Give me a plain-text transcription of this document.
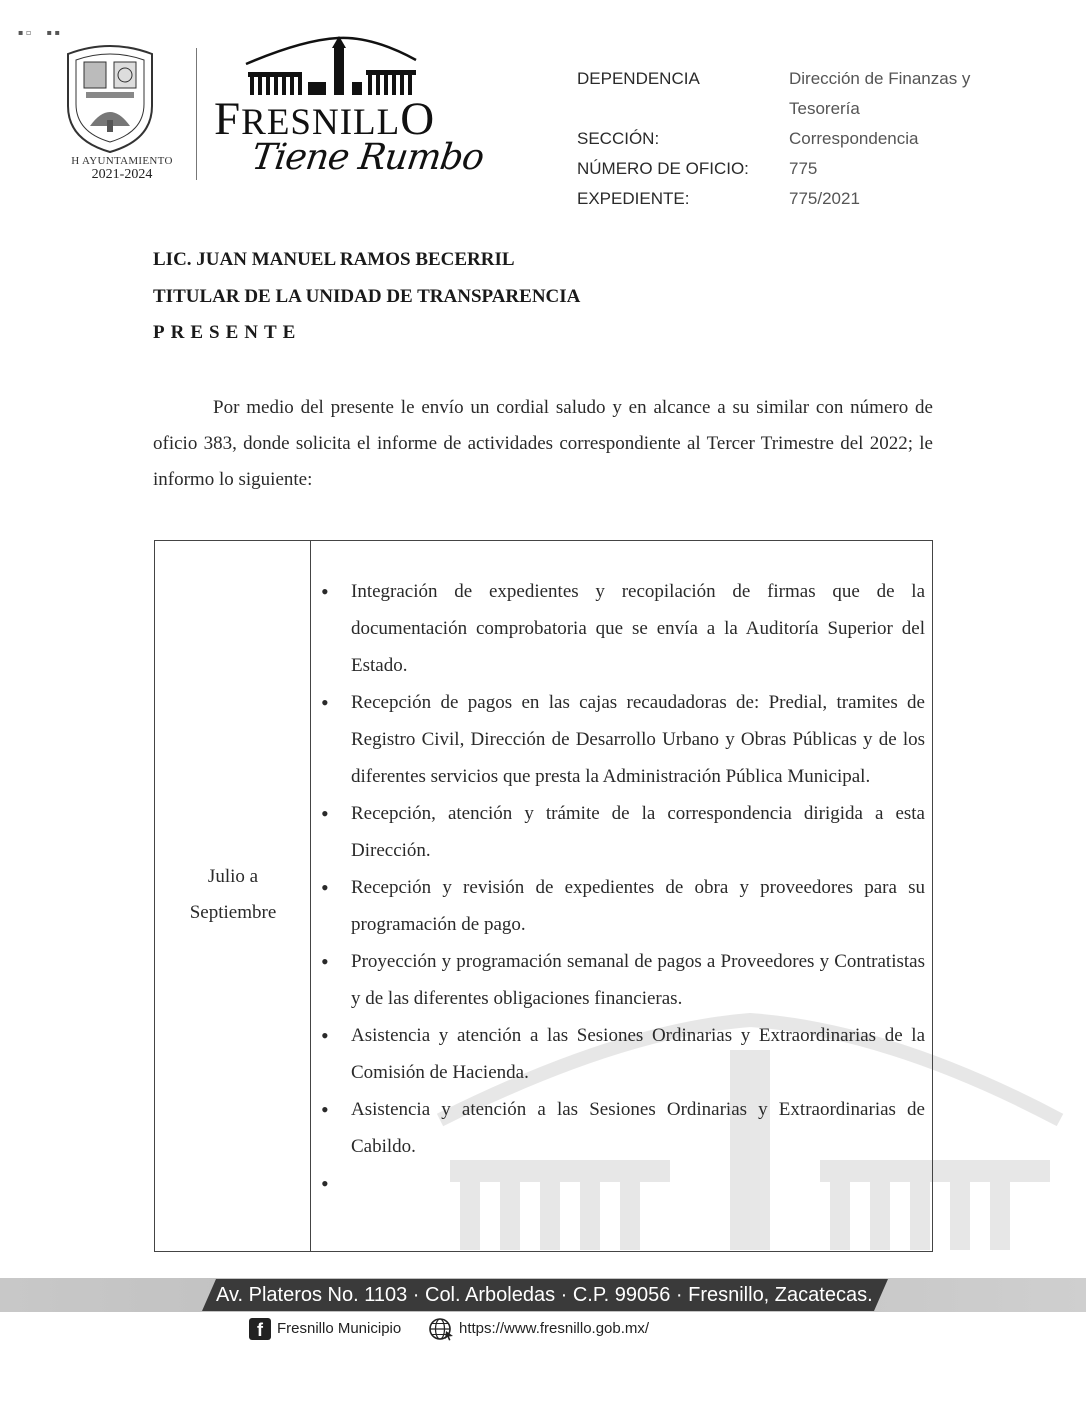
▪ ▫      ▪ ▪
H AYUNTAMIENTO
2021-2024
FRESNILLO
Tiene Rumbo
DEPENDENCIA	Dirección de Finanzas y
Tesorería
SECCIÓN:	Correspondencia
NÚMERO DE OFICIO: 775
EXPEDIENTE:	775/2021
LIC. JUAN MANUEL RAMOS BECERRIL
TITULAR DE LA UNIDAD DE TRANSPARENCIA
PRESENTE
Por medio del presente le envío un cordial saludo y en alcance a su similar con número de oficio 383, donde solicita el informe de actividades correspondiente al Tercer Trimestre del 2022; le informo lo siguiente:
Julio a
Septiembre
• Integración de expedientes y recopilación de firmas que de la documentación comprobatoria que se envía a la Auditoría Superior del Estado.
• Recepción de pagos en las cajas recaudadoras de: Predial, tramites de Registro Civil, Dirección de Desarrollo Urbano y Obras Públicas y de los diferentes servicios que presta la Administración Pública Municipal.
• Recepción, atención y trámite de la correspondencia dirigida a esta Dirección.
• Recepción y revisión de expedientes de obra y proveedores para su programación de pago.
• Proyección y programación semanal de pagos a Proveedores y Contratistas y de las diferentes obligaciones financieras.
• Asistencia y atención a las Sesiones Ordinarias y Extraordinarias de la Comisión de Hacienda.
• Asistencia y atención a las Sesiones Ordinarias y Extraordinarias de Cabildo.
•
Av. Plateros No. 1103 · Col. Arboledas · C.P. 99056 · Fresnillo, Zacatecas.
f Fresnillo Municipio	https://www.fresnillo.gob.mx/
